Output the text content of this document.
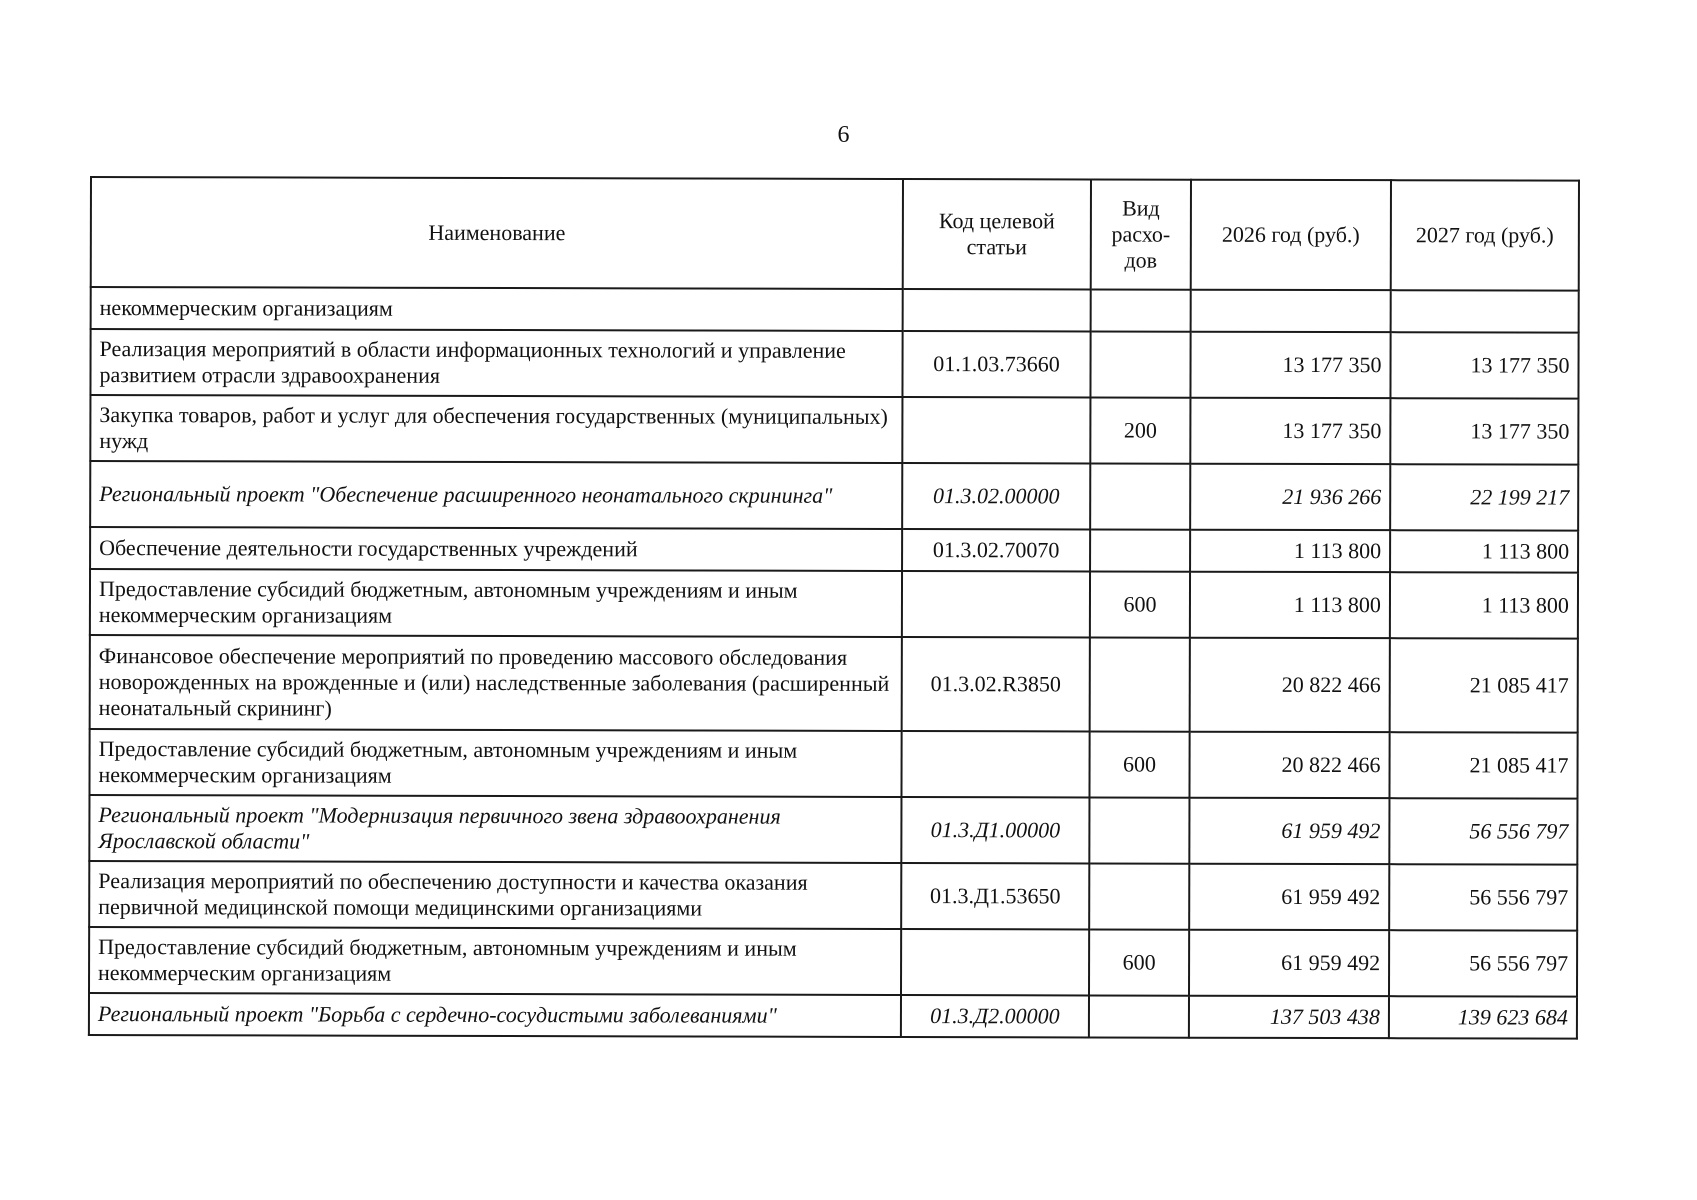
6
Наименование	Код целевой статьи	Вид расхо-дов	2026 год (руб.)	2027 год (руб.)
некоммерческим организациям				
Реализация мероприятий в области информационных технологий и управление развитием отрасли здравоохранения	01.1.03.73660		13 177 350	13 177 350
Закупка товаров, работ и услуг для обеспечения государственных (муниципальных) нужд		200	13 177 350	13 177 350
Региональный проект "Обеспечение расширенного неонатального скрининга"	01.3.02.00000		21 936 266	22 199 217
Обеспечение деятельности государственных учреждений	01.3.02.70070		1 113 800	1 113 800
Предоставление субсидий бюджетным, автономным учреждениям и иным некоммерческим организациям		600	1 113 800	1 113 800
Финансовое обеспечение мероприятий по проведению массового обследования новорожденных на врожденные и (или) наследственные заболевания (расширенный неонатальный скрининг)	01.3.02.R3850		20 822 466	21 085 417
Предоставление субсидий бюджетным, автономным учреждениям и иным некоммерческим организациям		600	20 822 466	21 085 417
Региональный проект "Модернизация первичного звена здравоохранения Ярославской области"	01.3.Д1.00000		61 959 492	56 556 797
Реализация мероприятий по обеспечению доступности и качества оказания первичной медицинской помощи медицинскими организациями	01.3.Д1.53650		61 959 492	56 556 797
Предоставление субсидий бюджетным, автономным учреждениям и иным некоммерческим организациям		600	61 959 492	56 556 797
Региональный проект "Борьба с сердечно-сосудистыми заболеваниями"	01.3.Д2.00000		137 503 438	139 623 684
